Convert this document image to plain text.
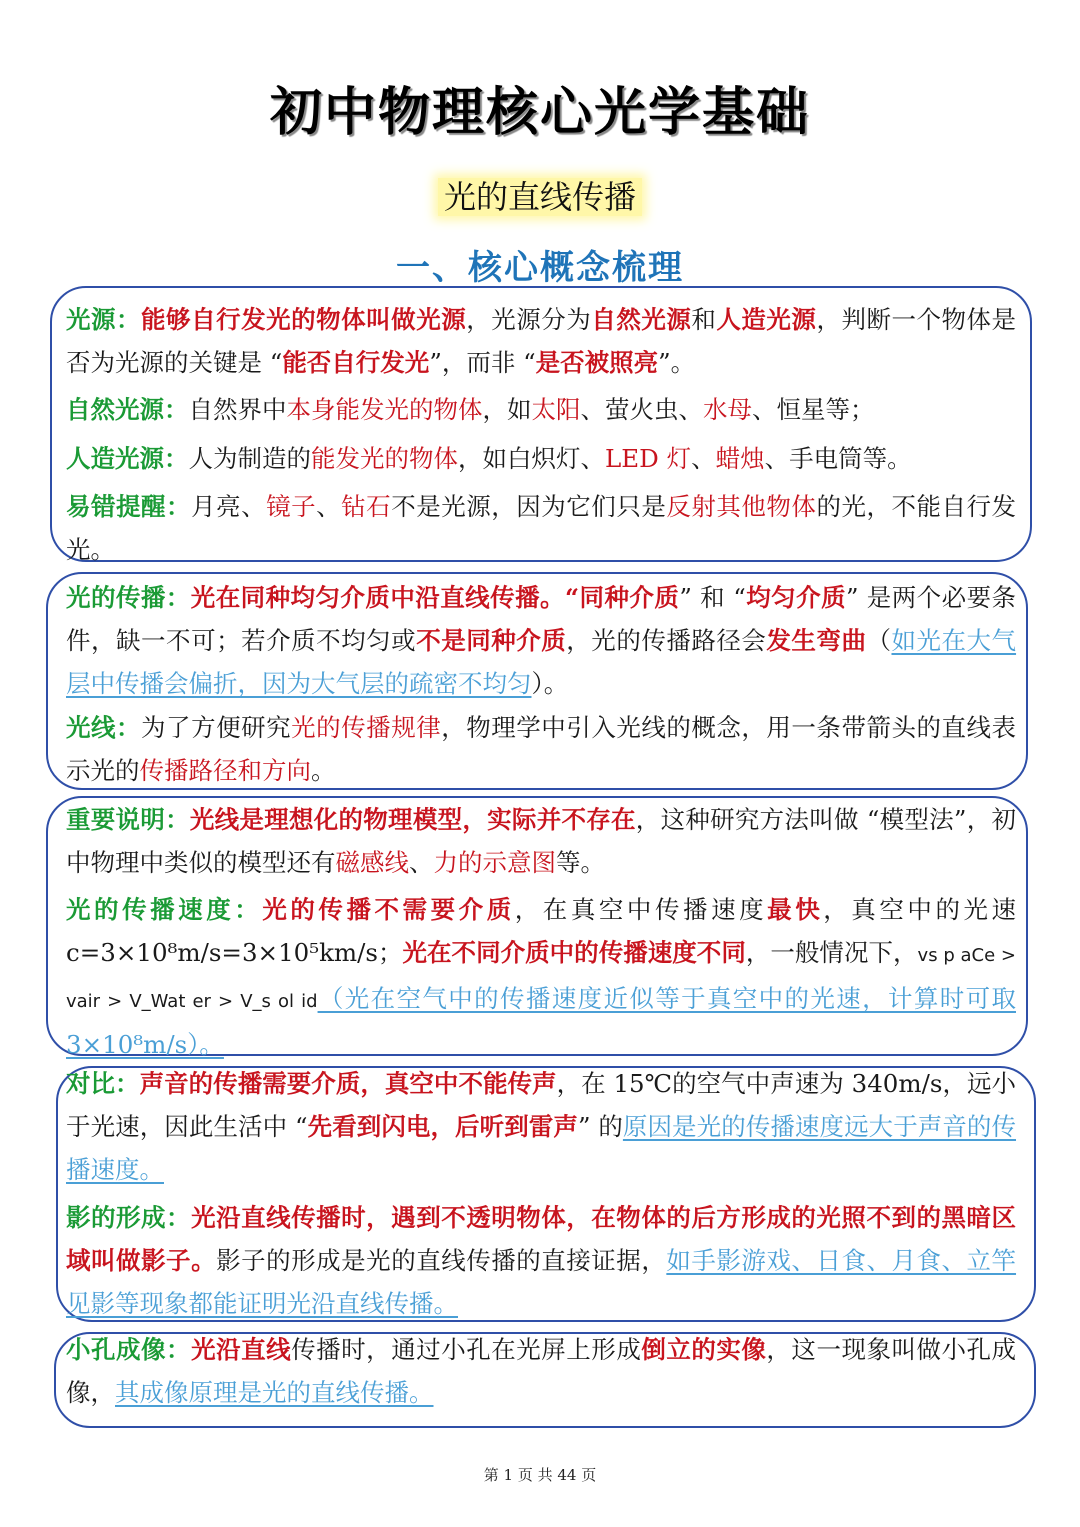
初中物理核心光学基础
光的直线传播
一、核心概念梳理
光源：能够自行发光的物体叫做光源，光源分为自然光源和人造光源，判断一个物体是否为光源的关键是 “能否自行发光”，而非 “是否被照亮”。
自然光源：自然界中本身能发光的物体，如太阳、萤火虫、水母、恒星等；
人造光源：人为制造的能发光的物体，如白炽灯、LED 灯、蜡烛、手电筒等。
易错提醒：月亮、镜子、钻石不是光源，因为它们只是反射其他物体的光，不能自行发光。
光的传播：光在同种均匀介质中沿直线传播。“同种介质” 和 “均匀介质” 是两个必要条件，缺一不可；若介质不均匀或不是同种介质，光的传播路径会发生弯曲（如光在大气层中传播会偏折，因为大气层的疏密不均匀）。
光线：为了方便研究光的传播规律，物理学中引入光线的概念，用一条带箭头的直线表示光的传播路径和方向。
重要说明：光线是理想化的物理模型，实际并不存在，这种研究方法叫做 “模型法”，初中物理中类似的模型还有磁感线、力的示意图等。
光的传播速度：光的传播不需要介质，在真空中传播速度最快，真空中的光速 c=3×10⁸m/s=3×10⁵km/s；光在不同介质中的传播速度不同，一般情况下，vs p aCe > vair > V_Wat er > V_s ol id（光在空气中的传播速度近似等于真空中的光速，计算时可取 3×10⁸m/s）。
对比：声音的传播需要介质，真空中不能传声，在 15℃的空气中声速为 340m/s，远小于光速，因此生活中 “先看到闪电，后听到雷声” 的原因是光的传播速度远大于声音的传播速度。
影的形成：光沿直线传播时，遇到不透明物体，在物体的后方形成的光照不到的黑暗区域叫做影子。影子的形成是光的直线传播的直接证据，如手影游戏、日食、月食、立竿见影等现象都能证明光沿直线传播。
小孔成像：光沿直线传播时，通过小孔在光屏上形成倒立的实像，这一现象叫做小孔成像，其成像原理是光的直线传播。
第 1 页 共 44 页
